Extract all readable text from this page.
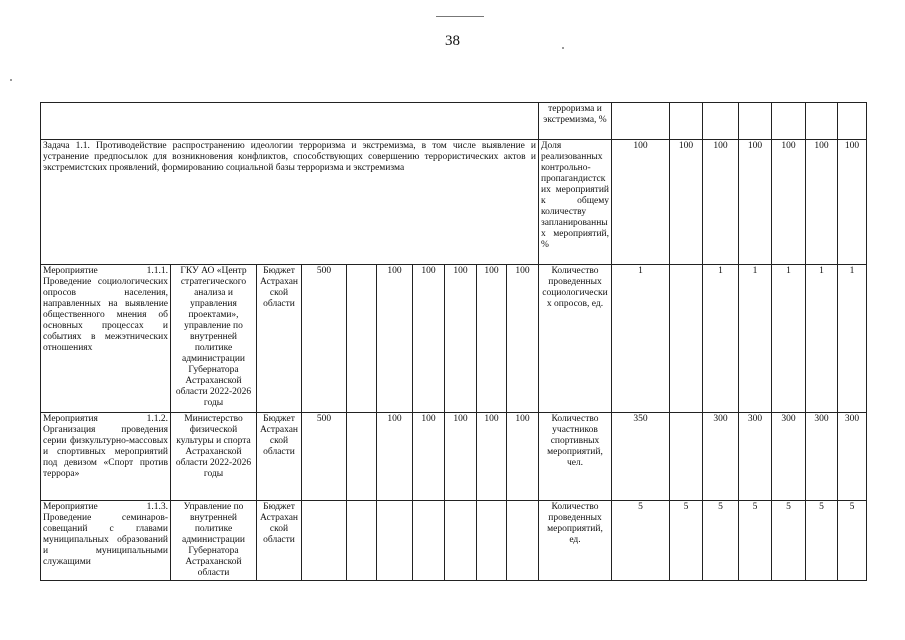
38
										терроризма и экстремизма, %							
Задача 1.1. Противодействие распространению идеологии терроризма и экстремизма, в том числе выявление и устранение предпосылок для возникновения конфликтов, способствующих совершению террористических актов и экстремистских проявлений, формированию социальной базы терроризма и экстремизма										Доля реализованных контрольно-пропагандистских мероприятий к общему количеству запланированных мероприятий, %	100	100	100	100	100	100	100
Мероприятие 1.1.1. Проведение социологических опросов населения, направленных на выявление общественного мнения об основных процессах и событиях в межэтнических отношениях	ГКУ АО «Центр стратегического анализа и управления проектами», управление по внутренней политике администрации Губернатора Астраханской области 2022-2026 годы	Бюджет Астраханской области	500		100	100	100	100	100	Количество проведенных социологических опросов, ед.	1		1	1	1	1	1
Мероприятия 1.1.2. Организация проведения серии физкультурно-массовых и спортивных мероприятий под девизом «Спорт против террора»	Министерство физической культуры и спорта Астраханской области 2022-2026 годы	Бюджет Астраханской области	500		100	100	100	100	100	Количество участников спортивных мероприятий, чел.	350		300	300	300	300	300
Мероприятие 1.1.3. Проведение семинаров-совещаний с главами муниципальных образований и муниципальными служащими	Управление по внутренней политике администрации Губернатора Астраханской области	Бюджет Астраханской области								Количество проведенных мероприятий, ед.	5	5	5	5	5	5	5
